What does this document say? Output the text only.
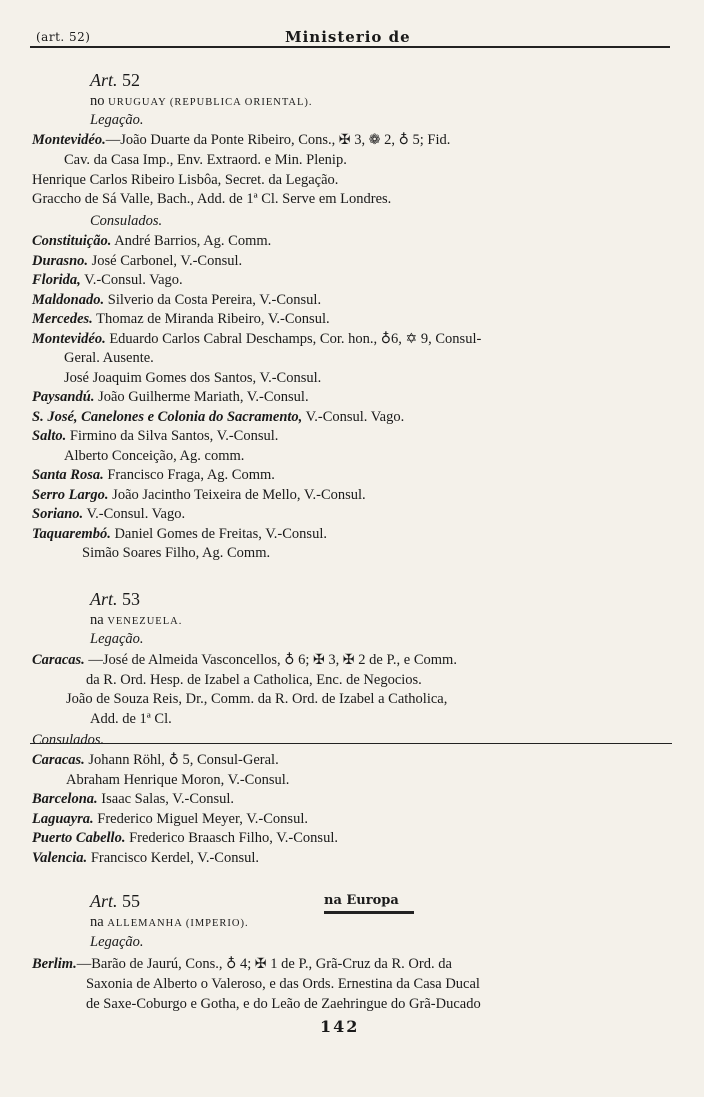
(art. 52)	Ministerio de
Art. 52
no URUGUAY (REPUBLICA ORIENTAL).
Legação.
Montevidéo.—João Duarte da Ponte Ribeiro, Cons., ✠ 3, ❁ 2, ♁ 5; Fid.
Cav. da Casa Imp., Env. Extraord. e Min. Plenip.
Henrique Carlos Ribeiro Lisbôa, Secret. da Legação.
Graccho de Sá Valle, Bach., Add. de 1ª Cl. Serve em Londres.
Consulados.
Constituição. André Barrios, Ag. Comm.
Durasno. José Carbonel, V.-Consul.
Florida, V.-Consul. Vago.
Maldonado. Silverio da Costa Pereira, V.-Consul.
Mercedes. Thomaz de Miranda Ribeiro, V.-Consul.
Montevidéo. Eduardo Carlos Cabral Deschamps, Cor. hon., ♁6, ✡ 9, Consul-
Geral. Ausente.
José Joaquim Gomes dos Santos, V.-Consul.
Paysandú. João Guilherme Mariath, V.-Consul.
S. José, Canelones e Colonia do Sacramento, V.-Consul. Vago.
Salto. Firmino da Silva Santos, V.-Consul.
Alberto Conceição, Ag. comm.
Santa Rosa. Francisco Fraga, Ag. Comm.
Serro Largo. João Jacintho Teixeira de Mello, V.-Consul.
Soriano. V.-Consul. Vago.
Taquarembó. Daniel Gomes de Freitas, V.-Consul.
Simão Soares Filho, Ag. Comm.
Art. 53
na VENEZUELA.
Legação.
Caracas. —José de Almeida Vasconcellos, ♁ 6; ✠ 3, ✠ 2 de P., e Comm.
da R. Ord. Hesp. de Izabel a Catholica, Enc. de Negocios.
João de Souza Reis, Dr., Comm. da R. Ord. de Izabel a Catholica,
Add. de 1ª Cl.
Consulados.
Caracas. Johann Röhl, ♁ 5, Consul-Geral.
Abraham Henrique Moron, V.-Consul.
Barcelona. Isaac Salas, V.-Consul.
Laguayra. Frederico Miguel Meyer, V.-Consul.
Puerto Cabello. Frederico Braasch Filho, V.-Consul.
Valencia. Francisco Kerdel, V.-Consul.
Art. 55
na ALLEMANHA (IMPERIO).
Legação.
Berlim.—Barão de Jaurú, Cons., ♁ 4; ✠ 1 de P., Grã-Cruz da R. Ord. da
Saxonia de Alberto o Valeroso, e das Ords. Ernestina da Casa Ducal
de Saxe-Coburgo e Gotha, e do Leão de Zaehringue do Grã-Ducado
na Europa
142
